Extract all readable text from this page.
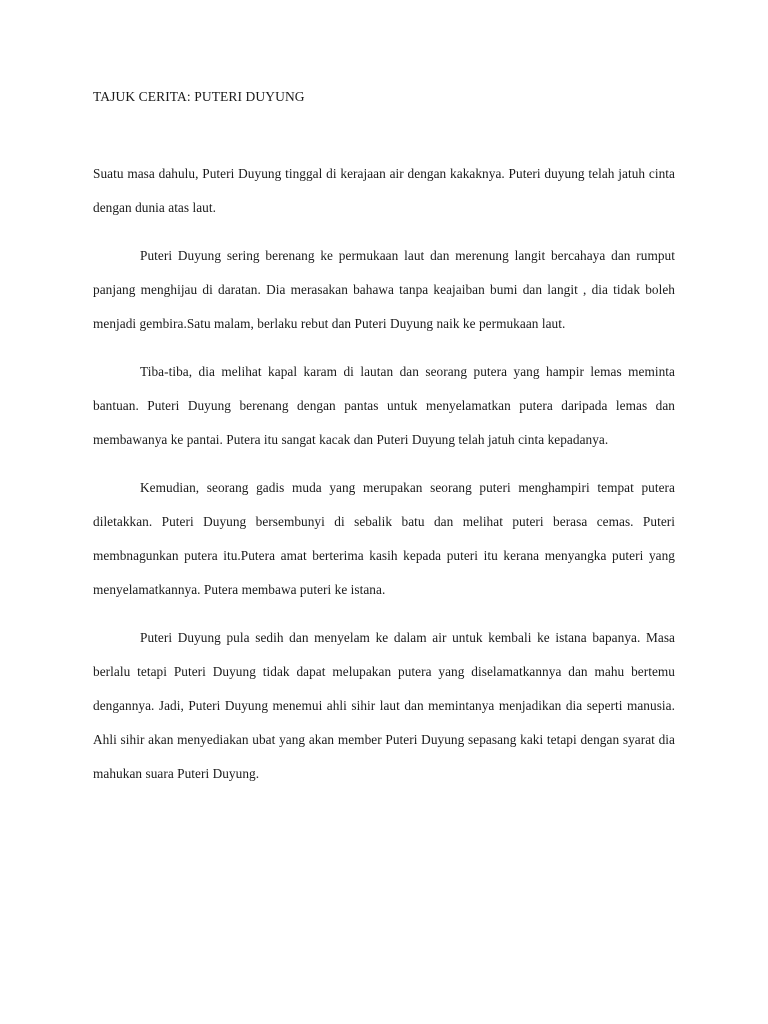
TAJUK CERITA: PUTERI DUYUNG

Suatu masa dahulu, Puteri Duyung tinggal di kerajaan air dengan kakaknya. Puteri duyung telah jatuh cinta dengan dunia atas laut.

Puteri Duyung sering berenang ke permukaan laut dan merenung langit bercahaya dan rumput panjang menghijau di daratan. Dia merasakan bahawa tanpa keajaiban bumi dan langit , dia tidak boleh menjadi gembira.Satu malam, berlaku rebut dan Puteri Duyung naik ke permukaan laut.

Tiba-tiba, dia melihat kapal karam di lautan dan seorang putera yang hampir lemas meminta bantuan. Puteri Duyung berenang dengan pantas untuk menyelamatkan putera daripada lemas dan membawanya ke pantai. Putera itu sangat kacak dan Puteri Duyung telah jatuh cinta kepadanya.

Kemudian, seorang gadis muda yang merupakan seorang puteri menghampiri tempat putera diletakkan. Puteri Duyung bersembunyi di sebalik batu dan melihat puteri berasa cemas. Puteri membnagunkan putera itu.Putera amat berterima kasih kepada puteri itu kerana menyangka puteri yang menyelamatkannya. Putera membawa puteri ke istana.

Puteri Duyung pula sedih dan menyelam ke dalam air untuk kembali ke istana bapanya. Masa berlalu tetapi Puteri Duyung tidak dapat melupakan putera yang diselamatkannya dan mahu bertemu dengannya. Jadi, Puteri Duyung menemui ahli sihir laut dan memintanya menjadikan dia seperti manusia. Ahli sihir akan menyediakan ubat yang akan member Puteri Duyung sepasang kaki tetapi dengan syarat dia mahukan suara Puteri Duyung.
